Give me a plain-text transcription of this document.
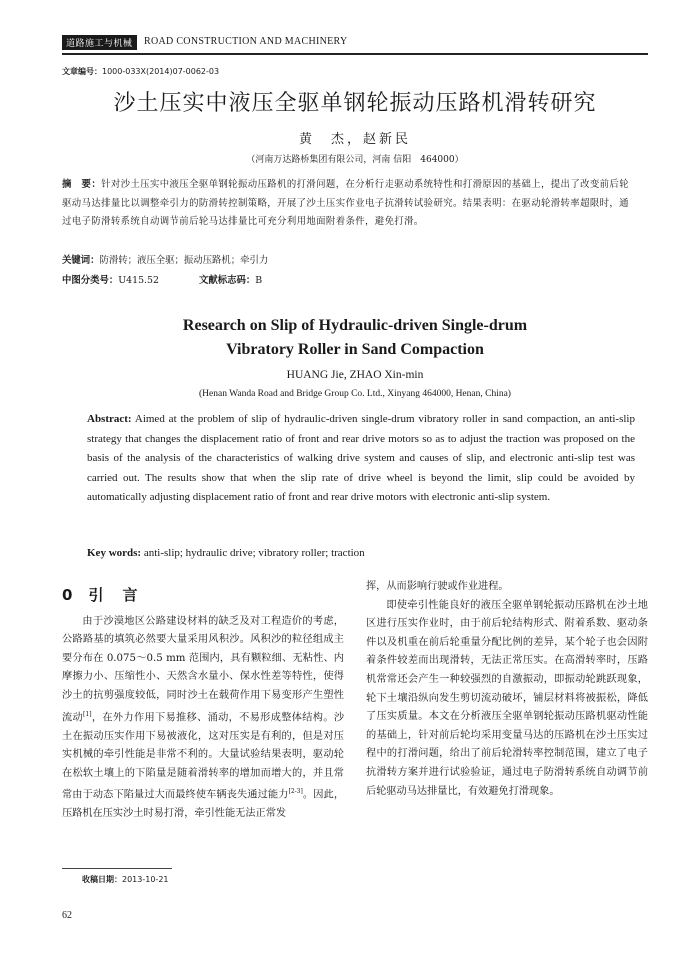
道路施工与机械	ROAD CONSTRUCTION AND MACHINERY
文章编号：1000-033X(2014)07-0062-03
沙土压实中液压全驱单钢轮振动压路机滑转研究
黄　杰，赵新民
（河南万达路桥集团有限公司，河南 信阳　464000）
摘　要：针对沙土压实中液压全驱单钢轮振动压路机的打滑问题，在分析行走驱动系统特性和打滑原因的基础上，提出了改变前后轮驱动马达排量比以调整牵引力的防滑转控制策略，开展了沙土压实作业电子抗滑转试验研究。结果表明：在驱动轮滑转率超限时，通过电子防滑转系统自动调节前后轮马达排量比可充分利用地面附着条件，避免打滑。
关键词：防滑转；液压全驱；振动压路机；牵引力
中图分类号：U415.52	文献标志码：B
Research on Slip of Hydraulic-driven Single-drum
Vibratory Roller in Sand Compaction
HUANG Jie, ZHAO Xin-min
(Henan Wanda Road and Bridge Group Co. Ltd., Xinyang 464000, Henan, China)
Abstract: Aimed at the problem of slip of hydraulic-driven single-drum vibratory roller in sand compaction, an anti-slip strategy that changes the displacement ratio of front and rear drive motors so as to adjust the traction was proposed on the basis of the analysis of the characteristics of walking drive system and causes of slip, and electronic anti-slip test was carried out. The results show that when the slip rate of drive wheel is beyond the limit, slip could be avoided by automatically adjusting displacement ratio of front and rear drive motors with electronic anti-slip system.
Key words: anti-slip; hydraulic drive; vibratory roller; traction
0 引　言

由于沙漠地区公路建设材料的缺乏及对工程造价的考虑，公路路基的填筑必然要大量采用风积沙。风积沙的粒径组成主要分布在 0.075～0.5 mm 范围内，具有颗粒细、无粘性、内摩擦力小、压缩性小、天然含水量小、保水性差等特性，使得沙土的抗剪强度较低，同时沙土在载荷作用下易变形产生塑性流动[1]，在外力作用下易推移、涌动，不易形成整体结构。沙土在振动压实作用下易被液化，这对压实是有利的，但是对压实机械的牵引性能是非常不利的。大量试验结果表明，驱动轮在松软土壤上的下陷量是随着滑转率的增加而增大的，并且常常由于动态下陷量过大而最终使车辆丧失通过能力[2-3]。因此，压路机在压实沙土时易打滑，牵引性能无法正常发

挥，从而影响行驶或作业进程。

即使牵引性能良好的液压全驱单钢轮振动压路机在沙土地区进行压实作业时，由于前后轮结构形式、附着系数、驱动条件以及机重在前后轮重量分配比例的差异，某个轮子也会因附着条件较差而出现滑转，无法正常压实。在高滑转率时，压路机常常还会产生一种较强烈的自激振动，即振动轮跳跃现象，轮下土壤沿纵向发生剪切流动破坏，铺层材料将被振松，降低了压实质量。本文在分析液压全驱单钢轮振动压路机驱动性能的基础上，针对前后轮均采用变量马达的压路机在沙土压实过程中的打滑问题，给出了前后轮滑转率控制范围，建立了电子抗滑转方案并进行试验验证，通过电子防滑转系统自动调节前后轮驱动马达排量比，有效避免打滑现象。

收稿日期：2013-10-21
62
